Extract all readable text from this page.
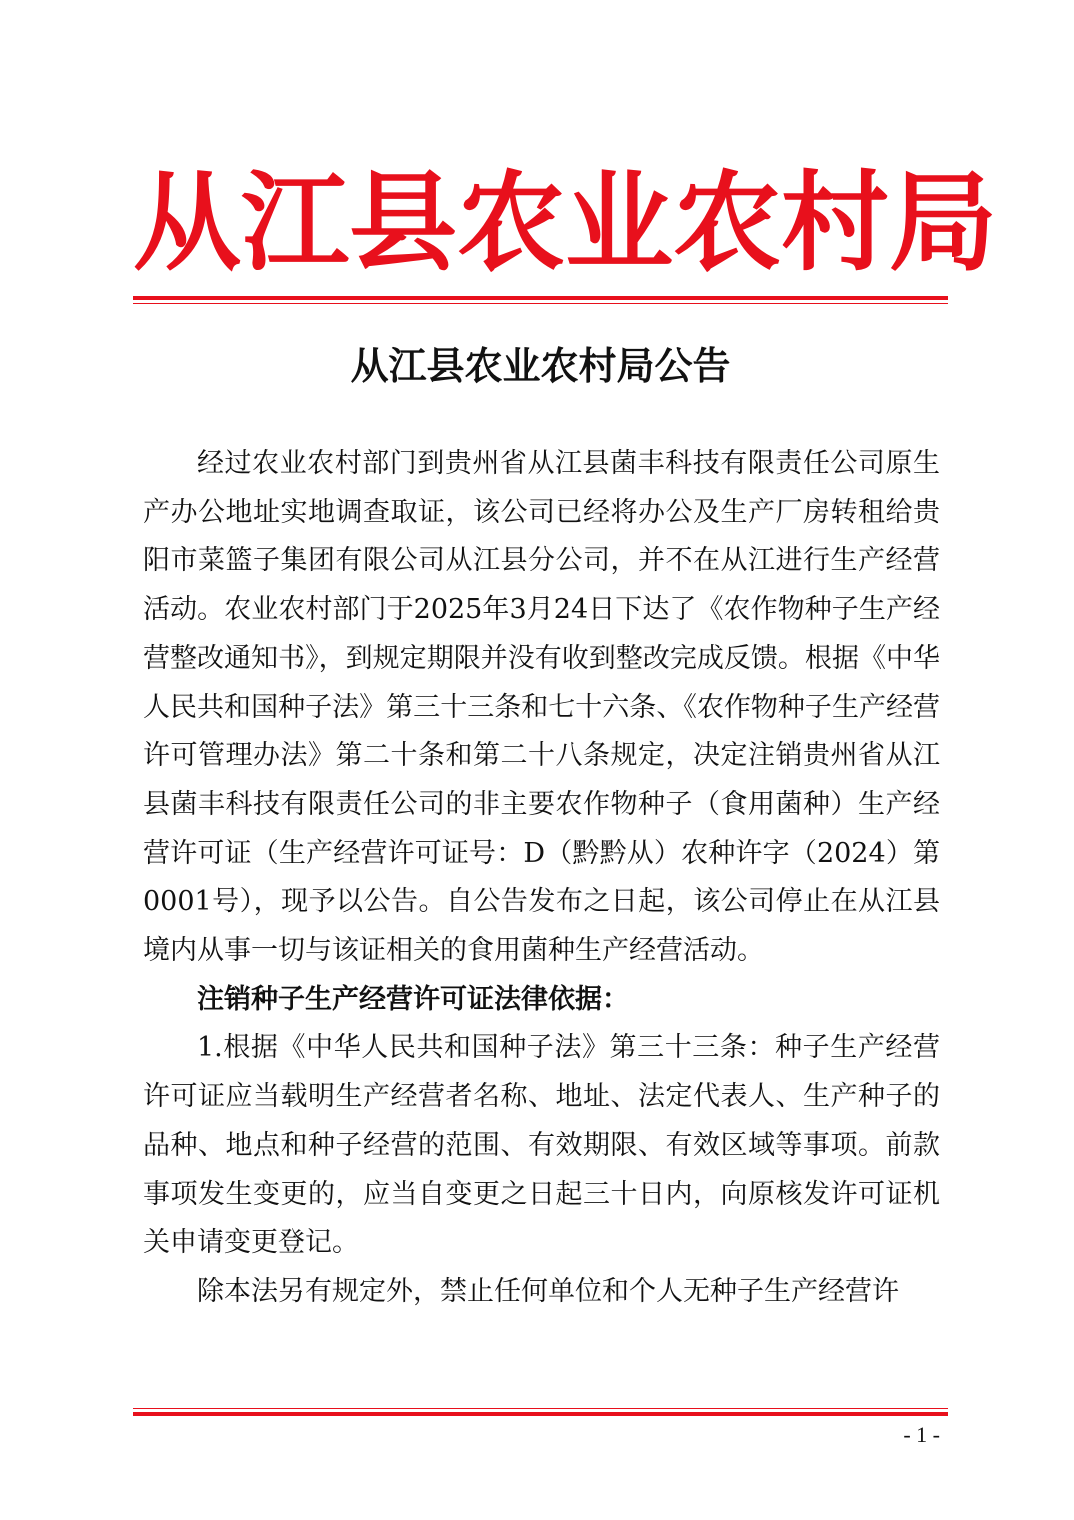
从江县农业农村局
从江县农业农村局公告

经过农业农村部门到贵州省从江县菌丰科技有限责任公司原生产办公地址实地调查取证，该公司已经将办公及生产厂房转租给贵阳市菜篮子集团有限公司从江县分公司，并不在从江进行生产经营活动。农业农村部门于2025年3月24日下达了《农作物种子生产经营整改通知书》，到规定期限并没有收到整改完成反馈。根据《中华人民共和国种子法》第三十三条和七十六条、《农作物种子生产经营许可管理办法》第二十条和第二十八条规定，决定注销贵州省从江县菌丰科技有限责任公司的非主要农作物种子（食用菌种）生产经营许可证（生产经营许可证号：D（黔黔从）农种许字（2024）第0001号），现予以公告。自公告发布之日起，该公司停止在从江县境内从事一切与该证相关的食用菌种生产经营活动。

注销种子生产经营许可证法律依据：

1.根据《中华人民共和国种子法》第三十三条：种子生产经营许可证应当载明生产经营者名称、地址、法定代表人、生产种子的品种、地点和种子经营的范围、有效期限、有效区域等事项。前款事项发生变更的，应当自变更之日起三十日内，向原核发许可证机关申请变更登记。

除本法另有规定外，禁止任何单位和个人无种子生产经营许

- 1 -
